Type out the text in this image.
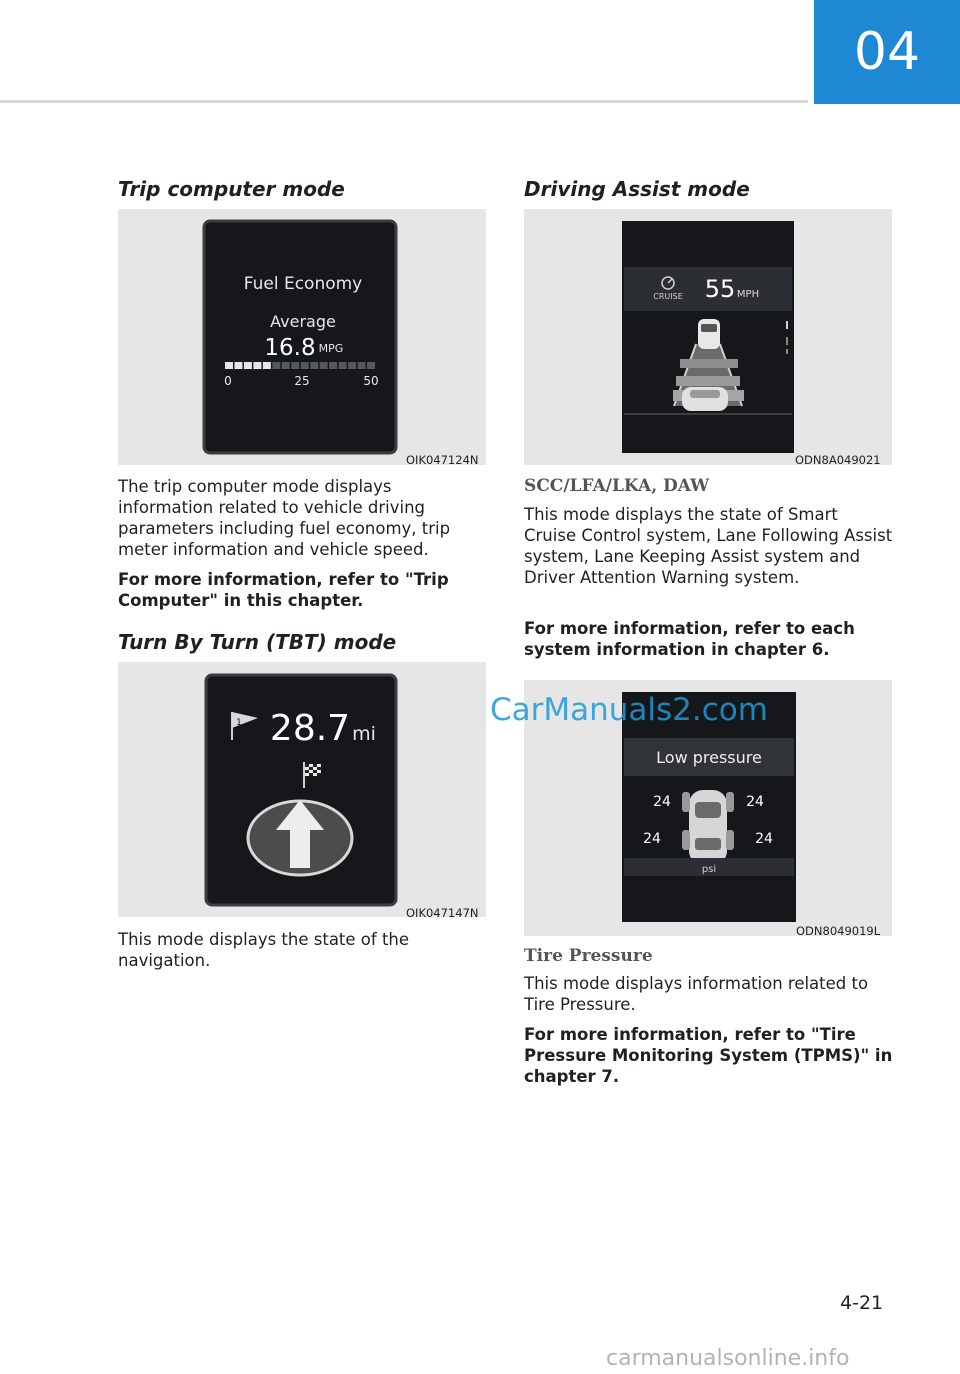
04
Trip computer mode
Fuel Economy
Average
16.8 MPG
0	25	50
OIK047124N

The trip computer mode displays information related to vehicle driving parameters including fuel economy, trip meter information and vehicle speed.

For more information, refer to "Trip Computer" in this chapter.

Turn By Turn (TBT) mode
1 28.7 mi
OIK047147N

This mode displays the state of the navigation.

Driving Assist mode
CRUISE 55 MPH
ODN8A049021
SCC/LFA/LKA, DAW

This mode displays the state of Smart Cruise Control system, Lane Following Assist system, Lane Keeping Assist system and Driver Attention Warning system.

For more information, refer to each system information in chapter 6.

Low pressure
24	24
24	24
psi
ODN8049019L
Tire Pressure

This mode displays information related to Tire Pressure.

For more information, refer to "Tire Pressure Monitoring System (TPMS)" in chapter 7.

CarManuals2.com
4-21
carmanualsonline.info
